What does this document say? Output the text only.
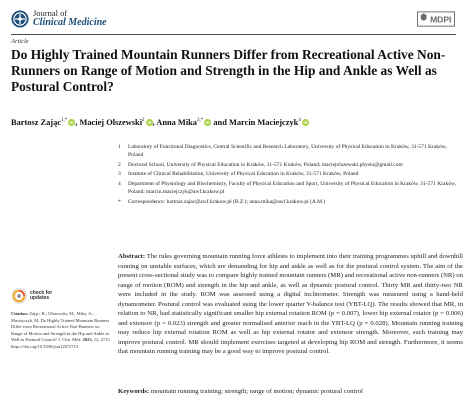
Journal of
Clinical Medicine	MDPI
Article
Do Highly Trained Mountain Runners Differ from Recreational Active Non-Runners on Range of Motion and Strength in the Hip and Ankle as Well as Postural Control?
Bartosz Zając$^{1,*}$ iD , Maciej Olszewski$^2$ iD , Anna Mika$^{3,*}$ iD and Marcin Maciejczyk$^4$ iD
1	Laboratory of Functional Diagnostics, Central Scientific and Research Laboratory, University of Physical Education in Kraków, 31-571 Kraków, Poland
2	Doctoral School, University of Physical Education in Kraków, 31-571 Kraków, Poland; maciejolszewski.physio@gmail.com
3	Institute of Clinical Rehabilitation, University of Physical Education in Kraków, 31-571 Kraków, Poland
4	Department of Physiology and Biochemistry, Faculty of Physical Education and Sport, University of Physical Education in Kraków, 31-571 Kraków, Poland; marcin.maciejczyk@awf.krakow.pl
*	Correspondence: bartosz.zajac@awf.krakow.pl (B.Z.); anna.mika@awf.krakow.pl (A.M.)
check for
updates
Citation: Zając, B.; Olszewski, M.; Mika, A.; Maciejczyk, M. Do Highly Trained Mountain Runners Differ from Recreational Active Non-Runners on Range of Motion and Strength in the Hip and Ankle as Well as Postural Control? J. Clin. Med. 2023, 12, 2715. https://doi.org/10.3390/jcm12072715
Abstract: The rules governing mountain running force athletes to implement into their training programmes uphill and downhill running on unstable surfaces, which are demanding for hip and ankle as well as for the postural control system. The aim of the present cross-sectional study was to compare highly trained mountain runners (MR) and recreational active non-runners (NR) on range of motion (ROM) and strength in the hip and ankle, as well as dynamic postural control. Thirty MR and thirty-two NR were included in the study. ROM was assessed using a digital inclinometer. Strength was measured using a hand-held dynamometer. Postural control was evaluated using the lower quarter Y-balance test (YBT-LQ). The results showed that MR, in relation to NR, had statistically significant smaller hip external rotation ROM (p = 0.007), lower hip external rotator (p = 0.006) and extensor (p = 0.023) strength and greater normalised anterior reach in the YBT-LQ (p = 0.028). Mountain running training may reduce hip external rotation ROM as well as hip external rotator and extensor strength. Moreover, such training may improve postural control. MR should implement exercises targeted at developing hip ROM and strength. Furthermore, it seems that mountain running training may be a good way to improve postural control.
Keywords: mountain running training; strength; range of motion; dynamic postural control
